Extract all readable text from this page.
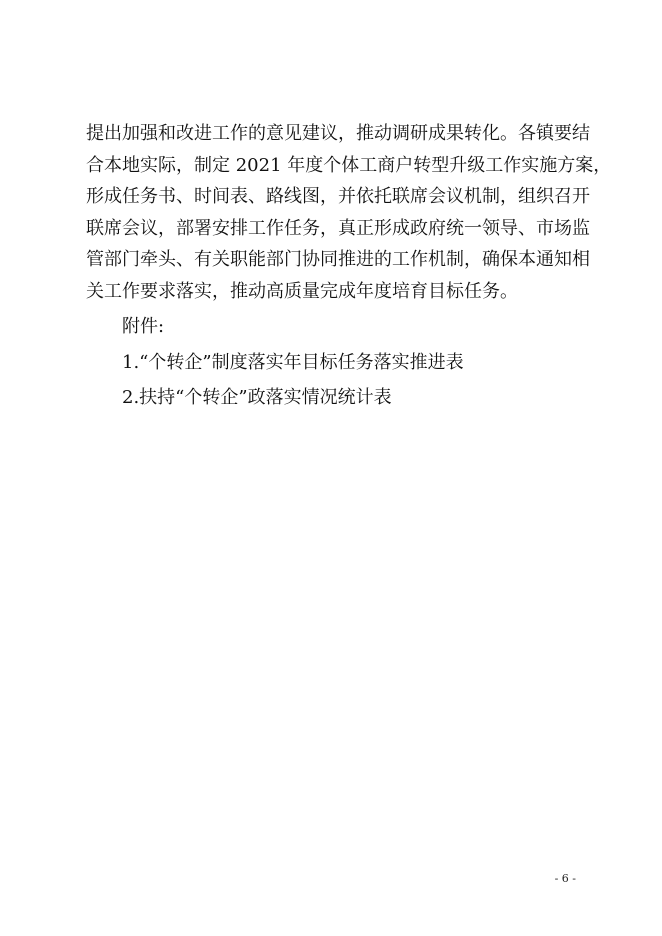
提出加强和改进工作的意见建议，推动调研成果转化。各镇要结
合本地实际，制定 2021 年度个体工商户转型升级工作实施方案，
形成任务书、时间表、路线图，并依托联席会议机制，组织召开
联席会议，部署安排工作任务，真正形成政府统一领导、市场监
管部门牵头、有关职能部门协同推进的工作机制，确保本通知相
关工作要求落实，推动高质量完成年度培育目标任务。
附件:
1.“个转企”制度落实年目标任务落实推进表
2.扶持“个转企”政落实情况统计表
- 6 -
